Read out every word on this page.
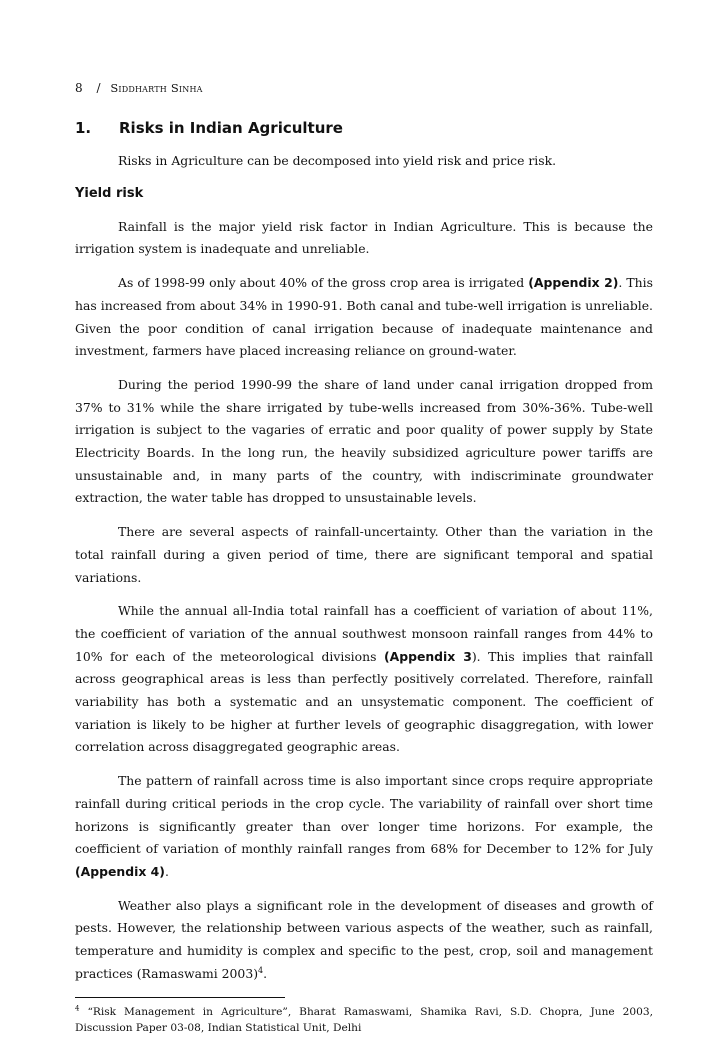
8 / Siddharth Sinha
1.	Risks in Indian Agriculture

Risks in Agriculture can be decomposed into yield risk and price risk.

Yield risk

Rainfall is the major yield risk factor in Indian Agriculture. This is because the irrigation system is inadequate and unreliable.

As of 1998-99 only about 40% of the gross crop area is irrigated (Appendix 2). This has increased from about 34% in 1990-91. Both canal and tube-well irrigation is unreliable. Given the poor condition of canal irrigation because of inadequate maintenance and investment, farmers have placed increasing reliance on ground-water.

During the period 1990-99 the share of land under canal irrigation dropped from 37% to 31% while the share irrigated by tube-wells increased from 30%-36%. Tube-well irrigation is subject to the vagaries of erratic and poor quality of power supply by State Electricity Boards. In the long run, the heavily subsidized agriculture power tariffs are unsustainable and, in many parts of the country, with indiscriminate groundwater extraction, the water table has dropped to unsustainable levels.

There are several aspects of rainfall-uncertainty. Other than the variation in the total rainfall during a given period of time, there are significant temporal and spatial variations.

While the annual all-India total rainfall has a coefficient of variation of about 11%, the coefficient of variation of the annual southwest monsoon rainfall ranges from 44% to 10% for each of the meteorological divisions (Appendix 3). This implies that rainfall across geographical areas is less than perfectly positively correlated. Therefore, rainfall variability has both a systematic and an unsystematic component. The coefficient of variation is likely to be higher at further levels of geographic disaggregation, with lower correlation across disaggregated geographic areas.

The pattern of rainfall across time is also important since crops require appropriate rainfall during critical periods in the crop cycle. The variability of rainfall over short time horizons is significantly greater than over longer time horizons. For example, the coefficient of variation of monthly rainfall ranges from 68% for December to 12% for July (Appendix 4).

Weather also plays a significant role in the development of diseases and growth of pests. However, the relationship between various aspects of the weather, such as rainfall, temperature and humidity is complex and specific to the pest, crop, soil and management practices (Ramaswami 2003)$^4$.

$^4$ “Risk Management in Agriculture”, Bharat Ramaswami, Shamika Ravi, S.D. Chopra, June 2003, Discussion Paper 03-08, Indian Statistical Unit, Delhi
